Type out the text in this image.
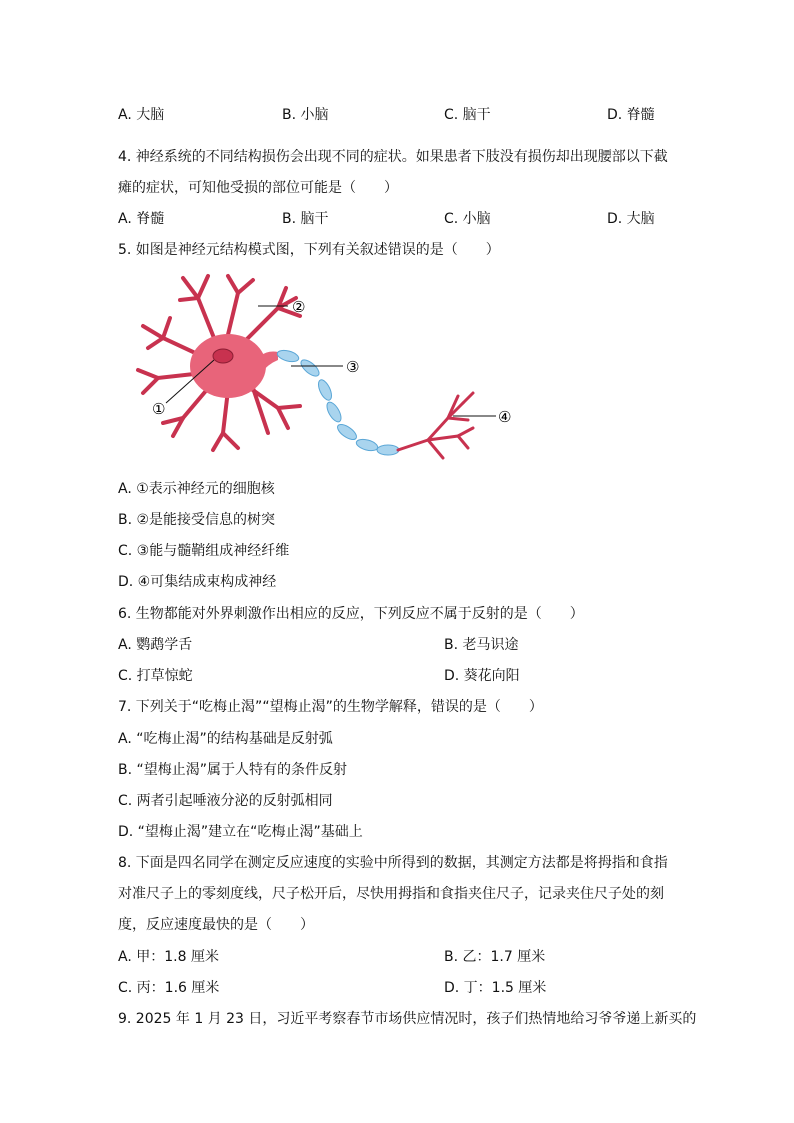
A. 大脑	B. 小脑	C. 脑干	D. 脊髓
4. 神经系统的不同结构损伤会出现不同的症状。如果患者下肢没有损伤却出现腰部以下截
瘫的症状，可知他受损的部位可能是（　　）
A. 脊髓	B. 脑干	C. 小脑	D. 大脑
5. 如图是神经元结构模式图，下列有关叙述错误的是（　　）
②
③
①	④
A. ①表示神经元的细胞核
B. ②是能接受信息的树突
C. ③能与髓鞘组成神经纤维
D. ④可集结成束构成神经
6. 生物都能对外界刺激作出相应的反应，下列反应不属于反射的是（　　）
A. 鹦鹉学舌	B. 老马识途
C. 打草惊蛇	D. 葵花向阳
7. 下列关于“吃梅止渴”“望梅止渴”的生物学解释，错误的是（　　）
A. “吃梅止渴”的结构基础是反射弧
B. “望梅止渴”属于人特有的条件反射
C. 两者引起唾液分泌的反射弧相同
D. “望梅止渴”建立在“吃梅止渴”基础上
8. 下面是四名同学在测定反应速度的实验中所得到的数据，其测定方法都是将拇指和食指
对准尺子上的零刻度线，尺子松开后，尽快用拇指和食指夹住尺子，记录夹住尺子处的刻
度，反应速度最快的是（　　）
A. 甲：1.8 厘米	B. 乙：1.7 厘米
C. 丙：1.6 厘米	D. 丁：1.5 厘米
9. 2025 年 1 月 23 日，习近平考察春节市场供应情况时，孩子们热情地给习爷爷递上新买的
